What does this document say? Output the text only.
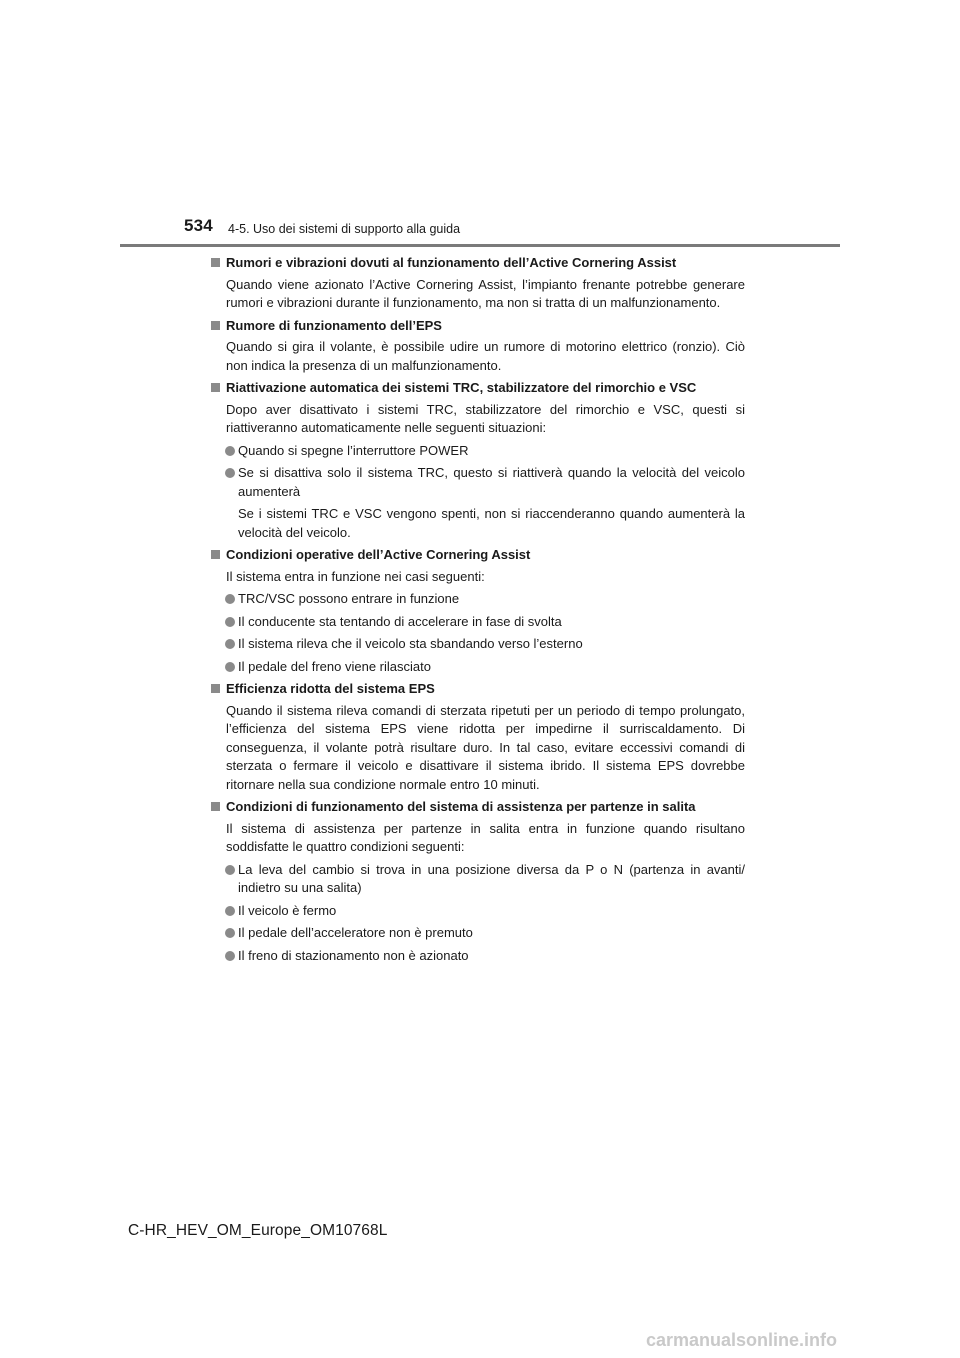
534 4-5. Uso dei sistemi di supporto alla guida
Rumori e vibrazioni dovuti al funzionamento dell’Active Cornering Assist
Quando viene azionato l’Active Cornering Assist, l’impianto frenante potrebbe generare rumori e vibrazioni durante il funzionamento, ma non si tratta di un malfunzionamento.
Rumore di funzionamento dell’EPS
Quando si gira il volante, è possibile udire un rumore di motorino elettrico (ronzio). Ciò non indica la presenza di un malfunzionamento.
Riattivazione automatica dei sistemi TRC, stabilizzatore del rimorchio e VSC
Dopo aver disattivato i sistemi TRC, stabilizzatore del rimorchio e VSC, questi si riattiveranno automaticamente nelle seguenti situazioni:
Quando si spegne l’interruttore POWER
Se si disattiva solo il sistema TRC, questo si riattiverà quando la velocità del veicolo aumenterà
Se i sistemi TRC e VSC vengono spenti, non si riaccenderanno quando aumenterà la velocità del veicolo.
Condizioni operative dell’Active Cornering Assist
Il sistema entra in funzione nei casi seguenti:
TRC/VSC possono entrare in funzione
Il conducente sta tentando di accelerare in fase di svolta
Il sistema rileva che il veicolo sta sbandando verso l’esterno
Il pedale del freno viene rilasciato
Efficienza ridotta del sistema EPS
Quando il sistema rileva comandi di sterzata ripetuti per un periodo di tempo prolungato, l’efficienza del sistema EPS viene ridotta per impedirne il surriscaldamento. Di conseguenza, il volante potrà risultare duro. In tal caso, evitare eccessivi comandi di sterzata o fermare il veicolo e disattivare il sistema ibrido. Il sistema EPS dovrebbe ritornare nella sua condizione normale entro 10 minuti.
Condizioni di funzionamento del sistema di assistenza per partenze in salita
Il sistema di assistenza per partenze in salita entra in funzione quando risultano soddisfatte le quattro condizioni seguenti:
La leva del cambio si trova in una posizione diversa da P o N (partenza in avanti/ indietro su una salita)
Il veicolo è fermo
Il pedale dell’acceleratore non è premuto
Il freno di stazionamento non è azionato
C-HR_HEV_OM_Europe_OM10768L
carmanualsonline.info
